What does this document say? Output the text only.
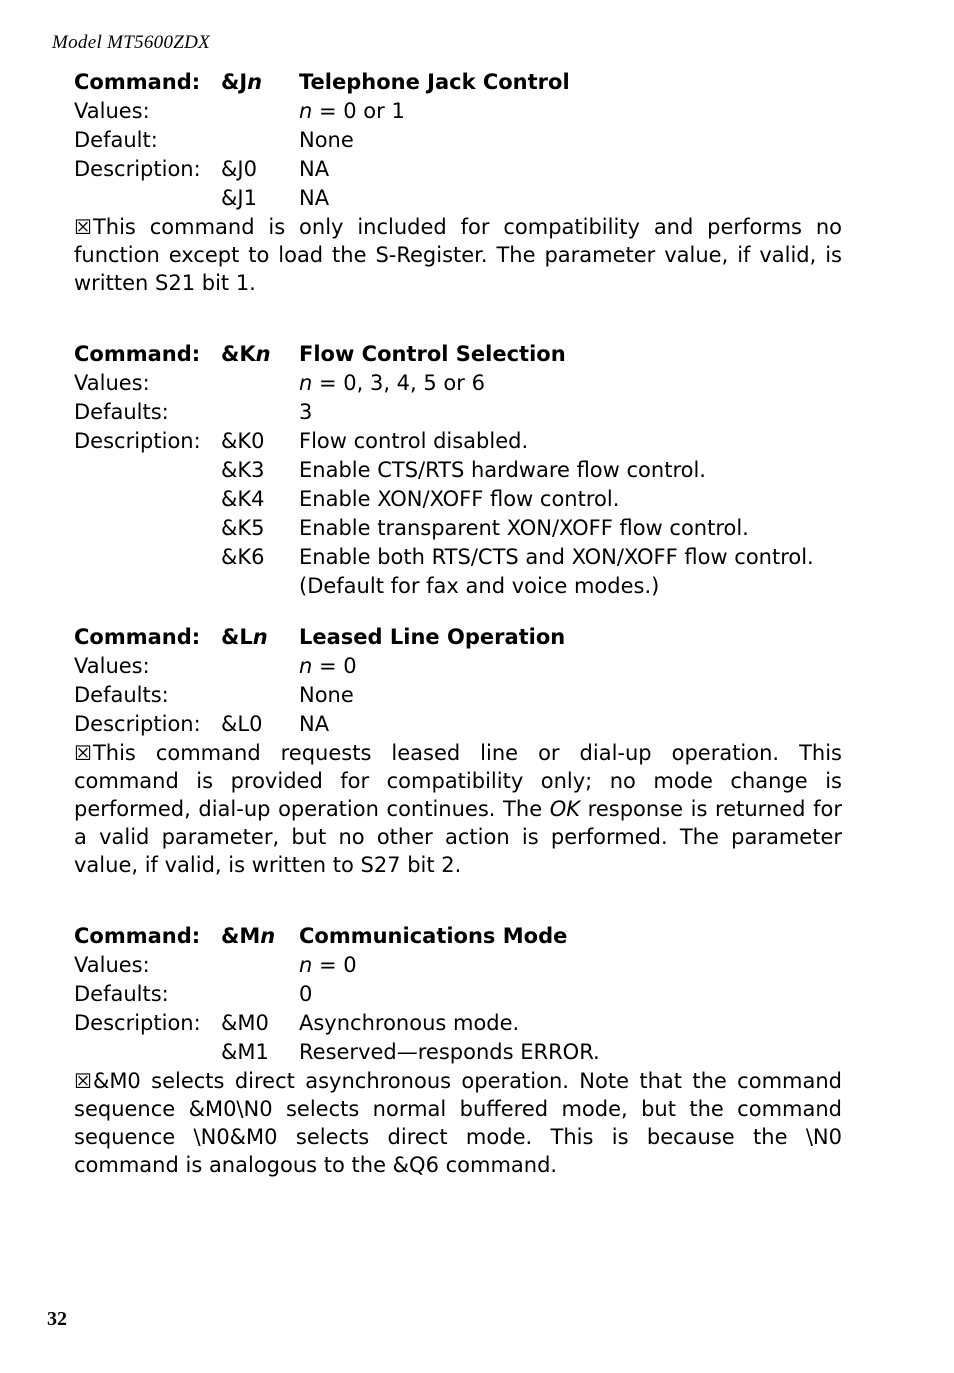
Model MT5600ZDX
Command: &Jn	Telephone Jack Control
Values:	n = 0 or 1
Default:	None
Description: &J0	NA
&J1	NA

☒This command is only included for compatibility and performs no function except to load the S-Register. The parameter value, if valid, is written S21 bit 1.

Command: &Kn	Flow Control Selection
Values:	n = 0, 3, 4, 5 or 6
Defaults:	3
Description: &K0	Flow control disabled.
&K3	Enable CTS/RTS hardware flow control.
&K4	Enable XON/XOFF flow control.
&K5	Enable transparent XON/XOFF flow control.
&K6	Enable both RTS/CTS and XON/XOFF flow control.
(Default for fax and voice modes.)
Command: &Ln	Leased Line Operation
Values:	n = 0
Defaults:	None
Description: &L0	NA

☒This command requests leased line or dial-up operation. This command is provided for compatibility only; no mode change is performed, dial-up operation continues. The OK response is returned for a valid parameter, but no other action is performed. The parameter value, if valid, is written to S27 bit 2.

Command: &Mn	Communications Mode
Values:	n = 0
Defaults:	0
Description: &M0	Asynchronous mode.
&M1	Reserved—responds ERROR.

☒&M0 selects direct asynchronous operation. Note that the command sequence &M0\N0 selects normal buffered mode, but the command sequence \N0&M0 selects direct mode. This is because the \N0 command is analogous to the &Q6 command.

32
